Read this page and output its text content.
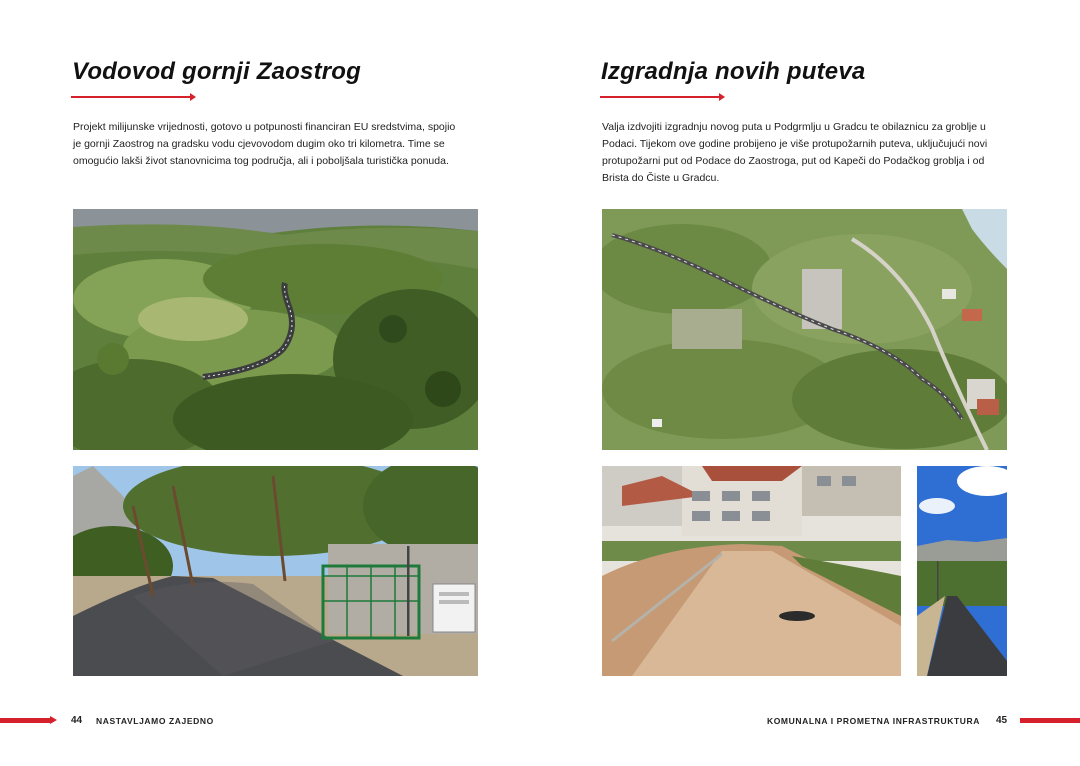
Vodovod gornji Zaostrog

Projekt milijunske vrijednosti, gotovo u potpunosti financiran EU sredstvima, spojio
je gornji Zaostrog na gradsku vodu cjevovodom dugim oko tri kilometra. Time se
omogućio lakši život stanovnicima tog područja, ali i poboljšala turistička ponuda.

Izgradnja novih puteva

Valja izdvojiti izgradnju novog puta u Podgrmlju u Gradcu te obilaznicu za groblje u
Podaci. Tijekom ove godine probijeno je više protupožarnih puteva, uključujući novi
protupožarni put od Podace do Zaostroga, put od Kapeči do Podačkog groblja i od
Brista do Čiste u Gradcu.

44 NASTAVLJAMO ZAJEDNO	KOMUNALNA I PROMETNA INFRASTRUKTURA 45
